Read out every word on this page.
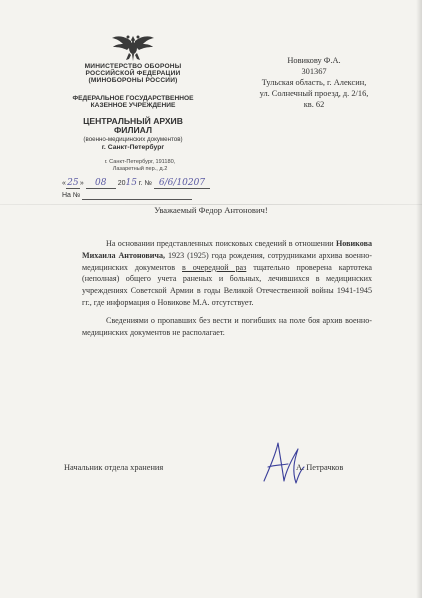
МИНИСТЕРСТВО ОБОРОНЫ
РОССИЙСКОЙ ФЕДЕРАЦИИ
(МИНОБОРОНЫ РОССИИ)
ФЕДЕРАЛЬНОЕ ГОСУДАРСТВЕННОЕ
КАЗЕННОЕ УЧРЕЖДЕНИЕ
ЦЕНТРАЛЬНЫЙ АРХИВ
ФИЛИАЛ
(военно-медицинских документов)
г. Санкт-Петербург
г. Санкт-Петербург, 191180,
Лазаретный пер., д.2
«25» 08 2015 г. № 6/6/10207
На №
Новикову Ф.А.
301367
Тульская область, г. Алексин,
ул. Солнечный проезд, д. 2/16,
кв. 62
Уважаемый Федор Антонович!

На основании представленных поисковых сведений в отношении Новикова Михаила Антоновича, 1923 (1925) года рождения, сотрудниками архива военно-медицинских документов в очередной раз тщательно проверена картотека (неполная) общего учета раненых и больных, лечившихся в медицинских учреждениях Советской Армии в годы Великой Отечественной войны 1941-1945 гг., где информация о Новикове М.А. отсутствует.

Сведениями о пропавших без вести и погибших на поле боя архив военно-медицинских документов не располагает.

Начальник отдела хранения	А. Петрачков
